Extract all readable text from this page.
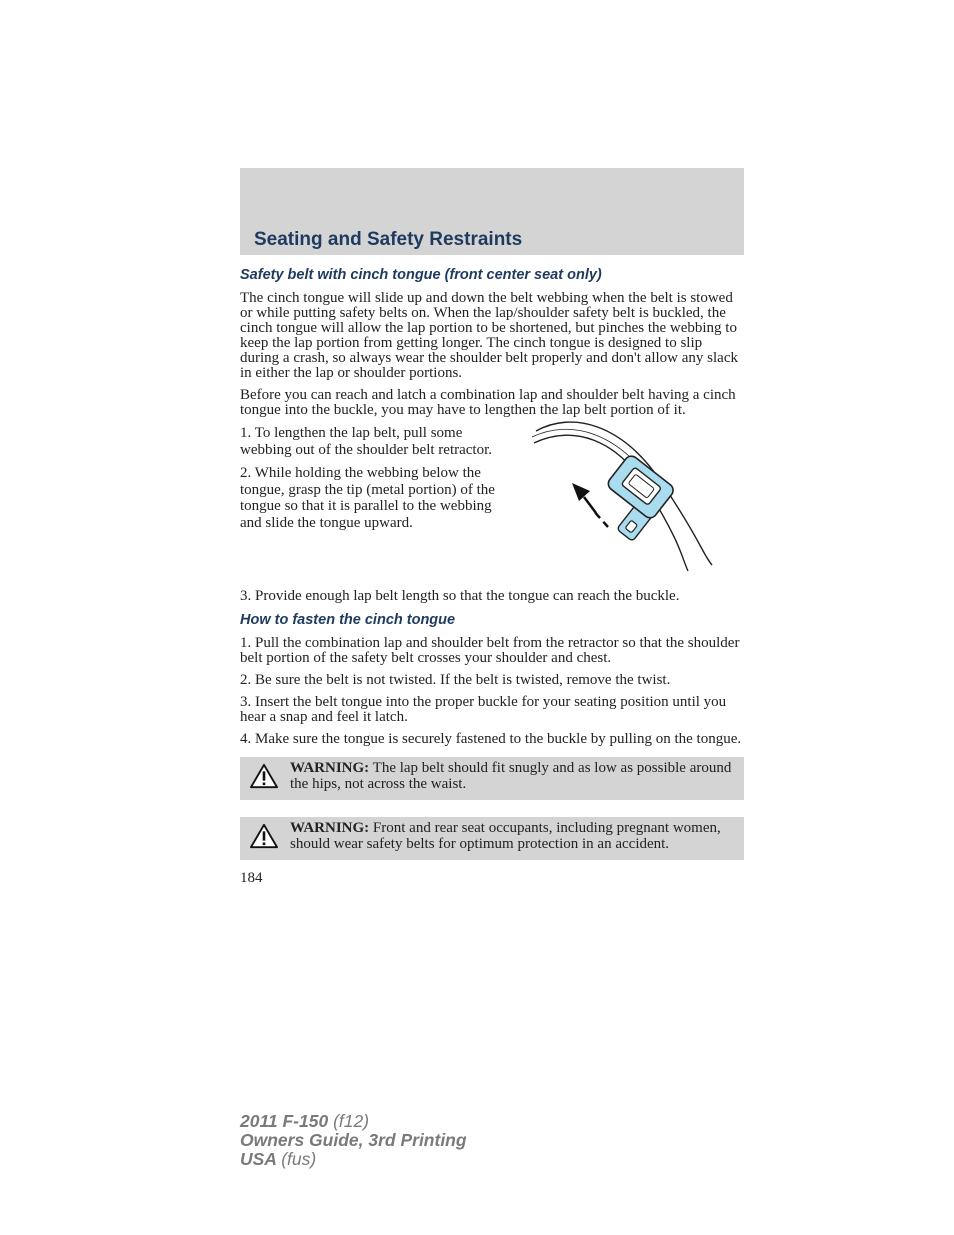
Seating and Safety Restraints
Safety belt with cinch tongue (front center seat only)

The cinch tongue will slide up and down the belt webbing when the belt is stowed or while putting safety belts on. When the lap/shoulder safety belt is buckled, the cinch tongue will allow the lap portion to be shortened, but pinches the webbing to keep the lap portion from getting longer. The cinch tongue is designed to slip during a crash, so always wear the shoulder belt properly and don't allow any slack in either the lap or shoulder portions.

Before you can reach and latch a combination lap and shoulder belt having a cinch tongue into the buckle, you may have to lengthen the lap belt portion of it.

1. To lengthen the lap belt, pull some webbing out of the shoulder belt retractor.

2. While holding the webbing below the tongue, grasp the tip (metal portion) of the tongue so that it is parallel to the webbing and slide the tongue upward.

3. Provide enough lap belt length so that the tongue can reach the buckle.

How to fasten the cinch tongue

1. Pull the combination lap and shoulder belt from the retractor so that the shoulder belt portion of the safety belt crosses your shoulder and chest.

2. Be sure the belt is not twisted. If the belt is twisted, remove the twist.

3. Insert the belt tongue into the proper buckle for your seating position until you hear a snap and feel it latch.

4. Make sure the tongue is securely fastened to the buckle by pulling on the tongue.

WARNING: The lap belt should fit snugly and as low as possible around the hips, not across the waist.

WARNING: Front and rear seat occupants, including pregnant women, should wear safety belts for optimum protection in an accident.

184
2011 F-150 (f12)
Owners Guide, 3rd Printing
USA (fus)
